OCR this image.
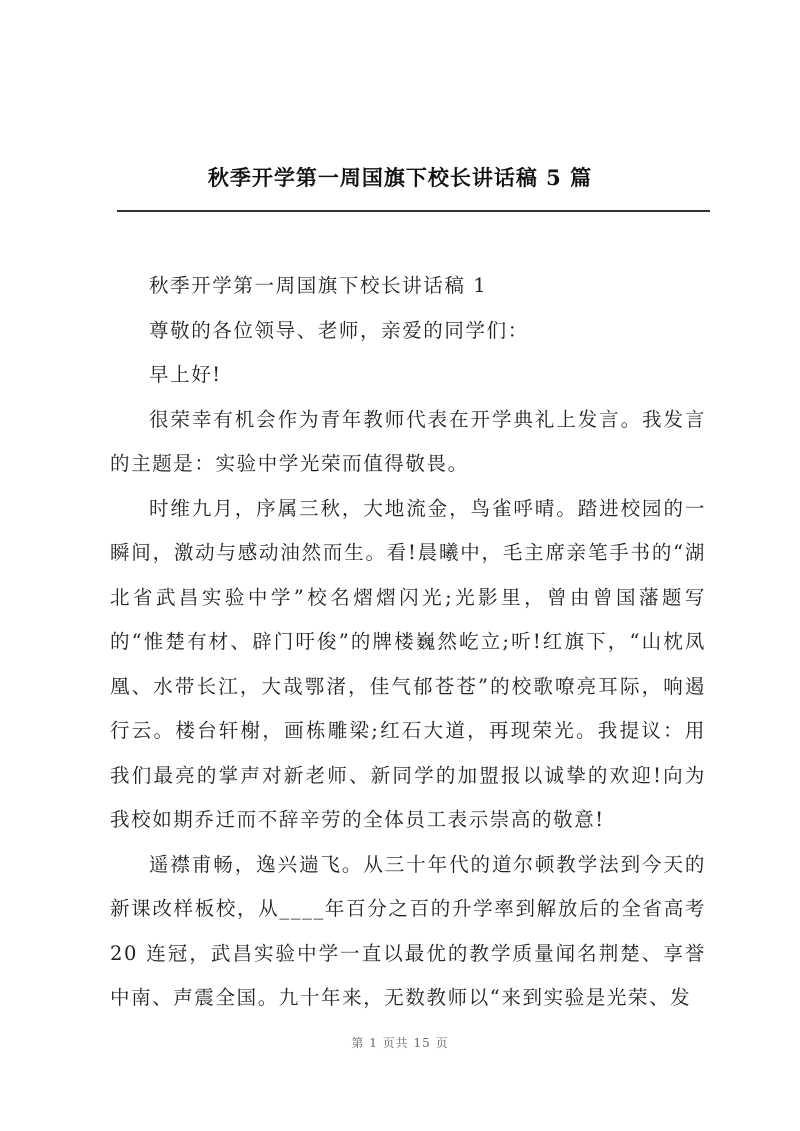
秋季开学第一周国旗下校长讲话稿 5 篇

秋季开学第一周国旗下校长讲话稿 1

尊敬的各位领导、老师，亲爱的同学们：

早上好!

很荣幸有机会作为青年教师代表在开学典礼上发言。我发言的主题是：实验中学光荣而值得敬畏。

时维九月，序属三秋，大地流金，鸟雀呼晴。踏进校园的一瞬间，激动与感动油然而生。看!晨曦中，毛主席亲笔手书的“湖北省武昌实验中学”校名熠熠闪光;光影里，曾由曾国藩题写的“惟楚有材、辟门吁俊”的牌楼巍然屹立;听!红旗下，“山枕凤凰、水带长江，大哉鄂渚，佳气郁苍苍”的校歌嘹亮耳际，响遏行云。楼台轩榭，画栋雕梁;红石大道，再现荣光。我提议：用我们最亮的掌声对新老师、新同学的加盟报以诚挚的欢迎!向为我校如期乔迁而不辞辛劳的全体员工表示崇高的敬意!

遥襟甫畅，逸兴遄飞。从三十年代的道尔顿教学法到今天的新课改样板校，从____年百分之百的升学率到解放后的全省高考 20 连冠，武昌实验中学一直以最优的教学质量闻名荆楚、享誉中南、声震全国。九十年来，无数教师以“来到实验是光荣、发

第 1 页共 15 页
